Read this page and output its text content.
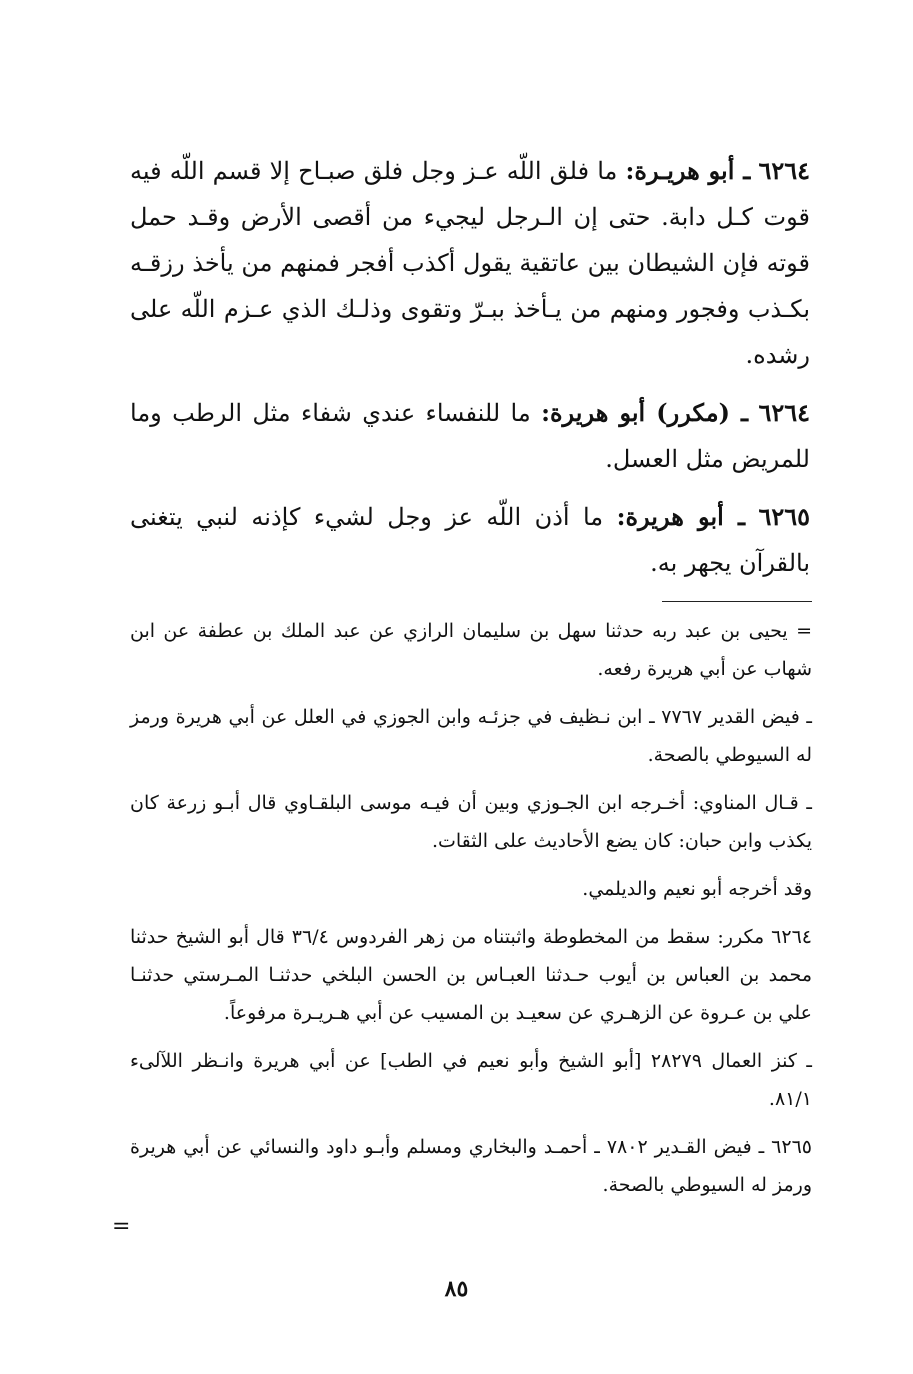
٦٢٦٤ ـ أبو هريـرة: ما فلق اللّه عـز وجل فلق صبـاح إلا قسم اللّه فيه قوت كـل دابة. حتى إن الـرجل ليجيء من أقصى الأرض وقـد حمل قوته فإن الشيطان بين عاتقية يقول أكذب أفجر فمنهم من يأخذ رزقـه بكـذب وفجور ومنهم من يـأخذ ببـرّ وتقوى وذلـك الذي عـزم اللّه على رشده.

٦٢٦٤ ـ (مكرر) أبو هريرة: ما للنفساء عندي شفاء مثل الرطب وما للمريض مثل العسل.

٦٢٦٥ ـ أبو هريرة: ما أذن اللّه عز وجل لشيء كإذنه لنبي يتغنى بالقرآن يجهر به.

= يحيى بن عبد ربه حدثنا سهل بن سليمان الرازي عن عبد الملك بن عطفة عن ابن شهاب عن أبي هريرة رفعه.

ـ فيض القدير ٧٧٦٧ ـ ابن نـظيف في جزئـه وابن الجوزي في العلل عن أبي هريرة ورمز له السيوطي بالصحة.

ـ قـال المناوي: أخـرجه ابن الجـوزي وبين أن فيـه موسى البلقـاوي قال أبـو زرعة كان يكذب وابن حبان: كان يضع الأحاديث على الثقات.

وقد أخرجه أبو نعيم والديلمي.

٦٢٦٤ مكرر: سقط من المخطوطة واثبتناه من زهر الفردوس ٣٦/٤ قال أبو الشيخ حدثنا محمد بن العباس بن أيوب حـدثنا العبـاس بن الحسن البلخي حدثنـا المـرستي حدثنـا علي بن عـروة عن الزهـري عن سعيـد بن المسيب عن أبي هـريـرة مرفوعاً.

ـ كنز العمال ٢٨٢٧٩ [أبو الشيخ وأبو نعيم في الطب] عن أبي هريرة وانـظر اللآلىء ٨١/١.

٦٢٦٥ ـ فيض القـدير ٧٨٠٢ ـ أحمـد والبخاري ومسلم وأبـو داود والنسائي عن أبي هريرة ورمز له السيوطي بالصحة.

=
٨٥
